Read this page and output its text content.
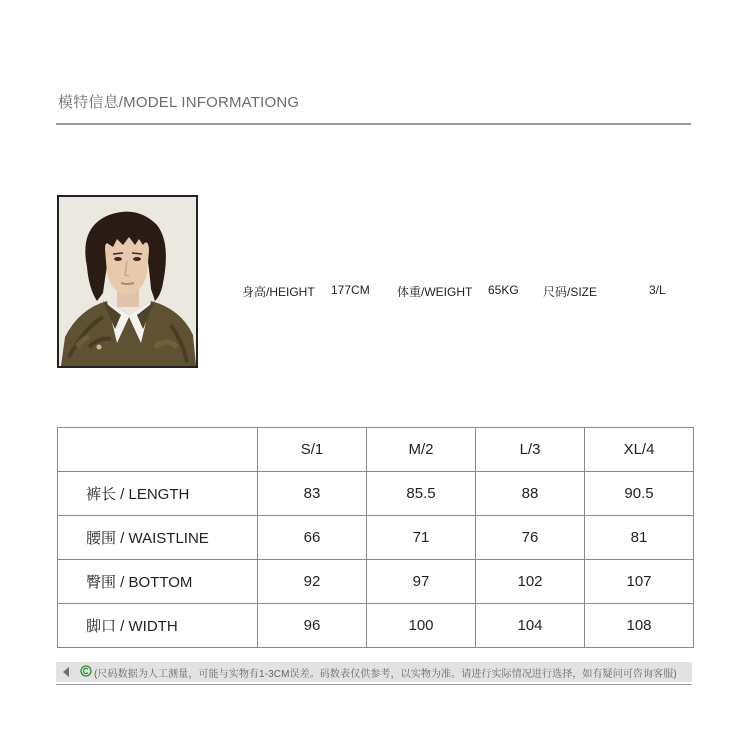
模特信息/MODEL INFORMATIONG
身高/HEIGHT 177CM 体重/WEIGHT 65KG 尺码/SIZE	3/L
	S/1	M/2	L/3	XL/4
裤长 / LENGTH	83	85.5	88	90.5
腰围 / WAISTLINE	66	71	76	81
臀围 / BOTTOM	92	97	102	107
脚口 / WIDTH	96	100	104	108
(尺码数据为人工测量，可能与实物有1-3CM误差。码数表仅供参考，以实物为准。请进行实际情况进行选择，如有疑问可咨询客服)
